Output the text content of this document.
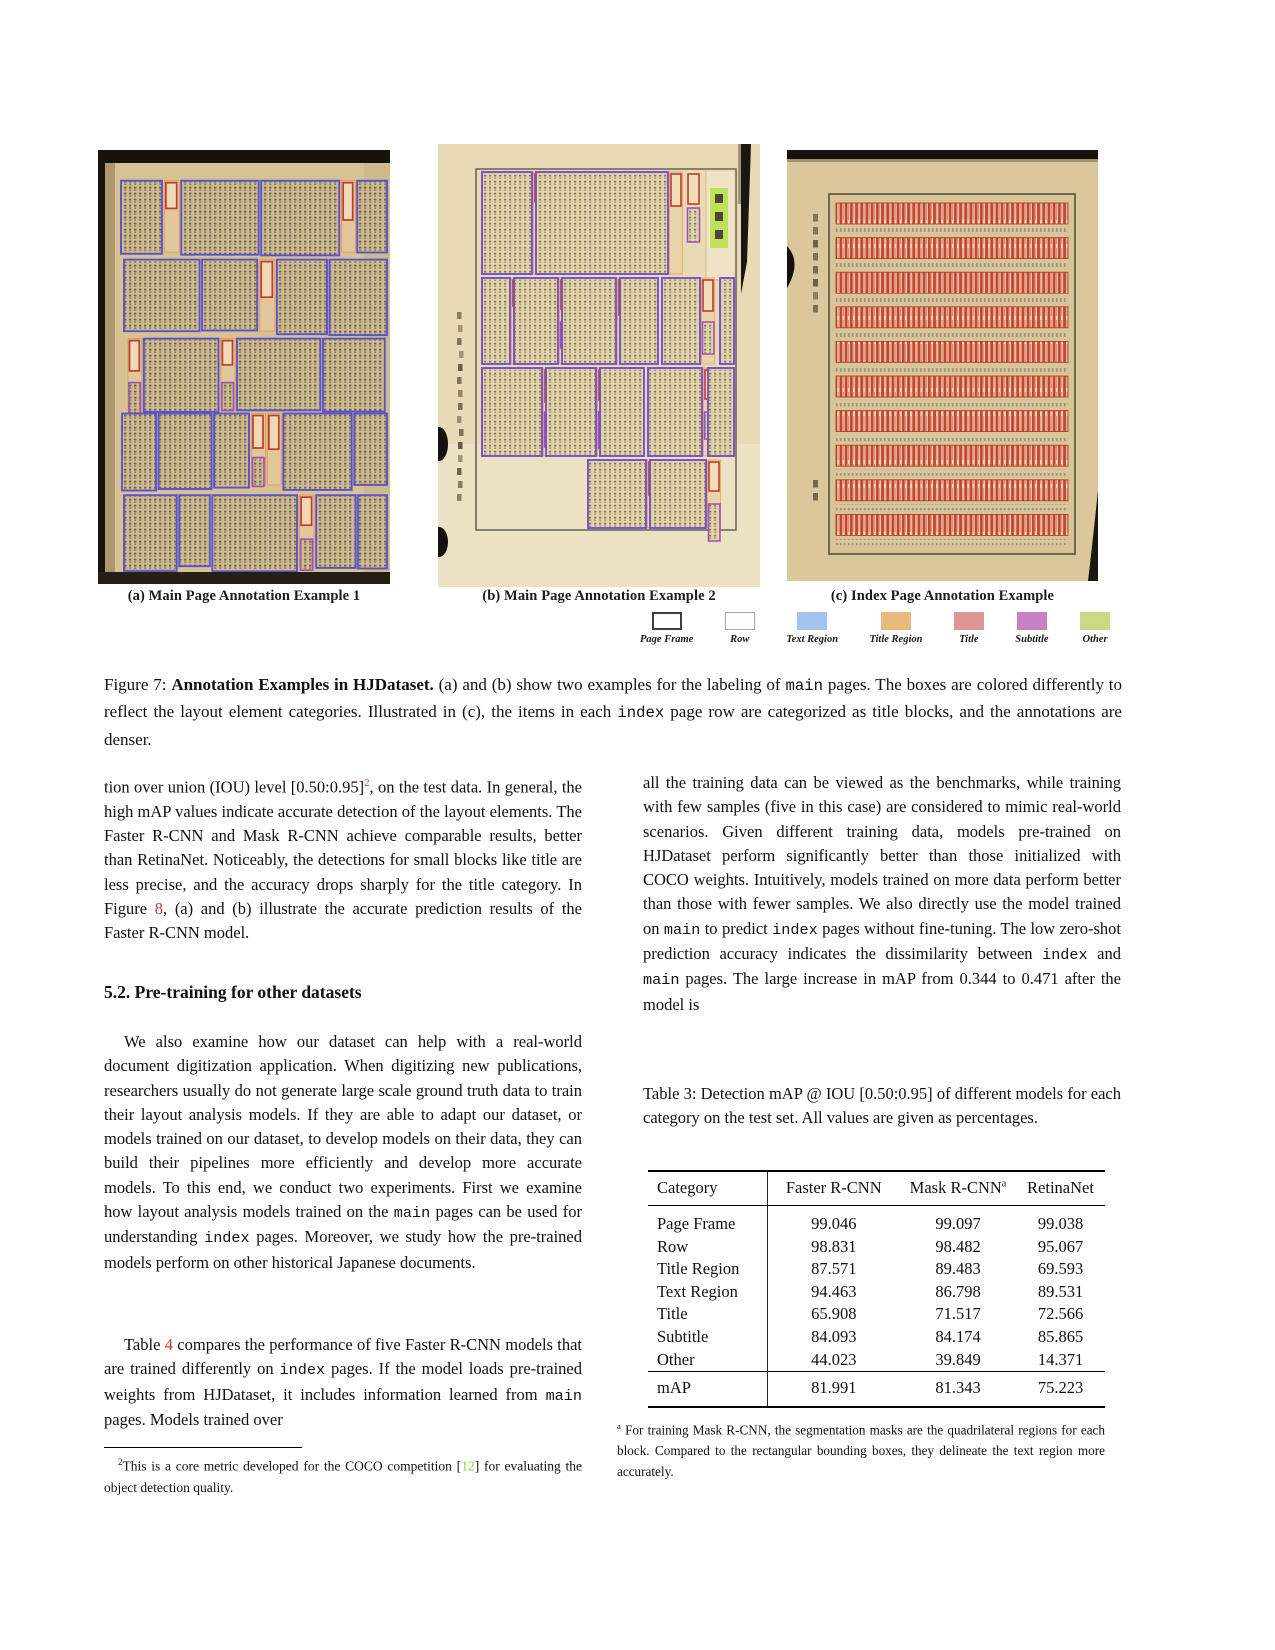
(a) Main Page Annotation Example 1	(b) Main Page Annotation Example 2	(c) Index Page Annotation Example
Page Frame	Row	Text Region	Title Region	Title	Subtitle	Other
Figure 7: Annotation Examples in HJDataset. (a) and (b) show two examples for the labeling of main pages. The boxes are colored differently to reflect the layout element categories. Illustrated in (c), the items in each index page row are categorized as title blocks, and the annotations are denser.
tion over union (IOU) level [0.50:0.95]$^2$, on the test data. In general, the high mAP values indicate accurate detection of the layout elements. The Faster R-CNN and Mask R-CNN achieve comparable results, better than RetinaNet. Noticeably, the detections for small blocks like title are less precise, and the accuracy drops sharply for the title category. In Figure 8, (a) and (b) illustrate the accurate prediction results of the Faster R-CNN model.
5.2. Pre-training for other datasets
We also examine how our dataset can help with a real-world document digitization application. When digitizing new publications, researchers usually do not generate large scale ground truth data to train their layout analysis models. If they are able to adapt our dataset, or models trained on our dataset, to develop models on their data, they can build their pipelines more efficiently and develop more accurate models. To this end, we conduct two experiments. First we examine how layout analysis models trained on the main pages can be used for understanding index pages. Moreover, we study how the pre-trained models perform on other historical Japanese documents.
Table 4 compares the performance of five Faster R-CNN models that are trained differently on index pages. If the model loads pre-trained weights from HJDataset, it includes information learned from main pages. Models trained over
$^2$This is a core metric developed for the COCO competition [12] for evaluating the object detection quality.
all the training data can be viewed as the benchmarks, while training with few samples (five in this case) are considered to mimic real-world scenarios. Given different training data, models pre-trained on HJDataset perform significantly better than those initialized with COCO weights. Intuitively, models trained on more data perform better than those with fewer samples. We also directly use the model trained on main to predict index pages without fine-tuning. The low zero-shot prediction accuracy indicates the dissimilarity between index and main pages. The large increase in mAP from 0.344 to 0.471 after the model is
Table 3: Detection mAP @ IOU [0.50:0.95] of different models for each category on the test set. All values are given as percentages.
Category	Faster R-CNN	Mask R-CNN$^a$	RetinaNet
Page Frame	99.046	99.097	99.038
Row	98.831	98.482	95.067
Title Region	87.571	89.483	69.593
Text Region	94.463	86.798	89.531
Title	65.908	71.517	72.566
Subtitle	84.093	84.174	85.865
Other	44.023	39.849	14.371
mAP	81.991	81.343	75.223
$^a$ For training Mask R-CNN, the segmentation masks are the quadrilateral regions for each block. Compared to the rectangular bounding boxes, they delineate the text region more accurately.
